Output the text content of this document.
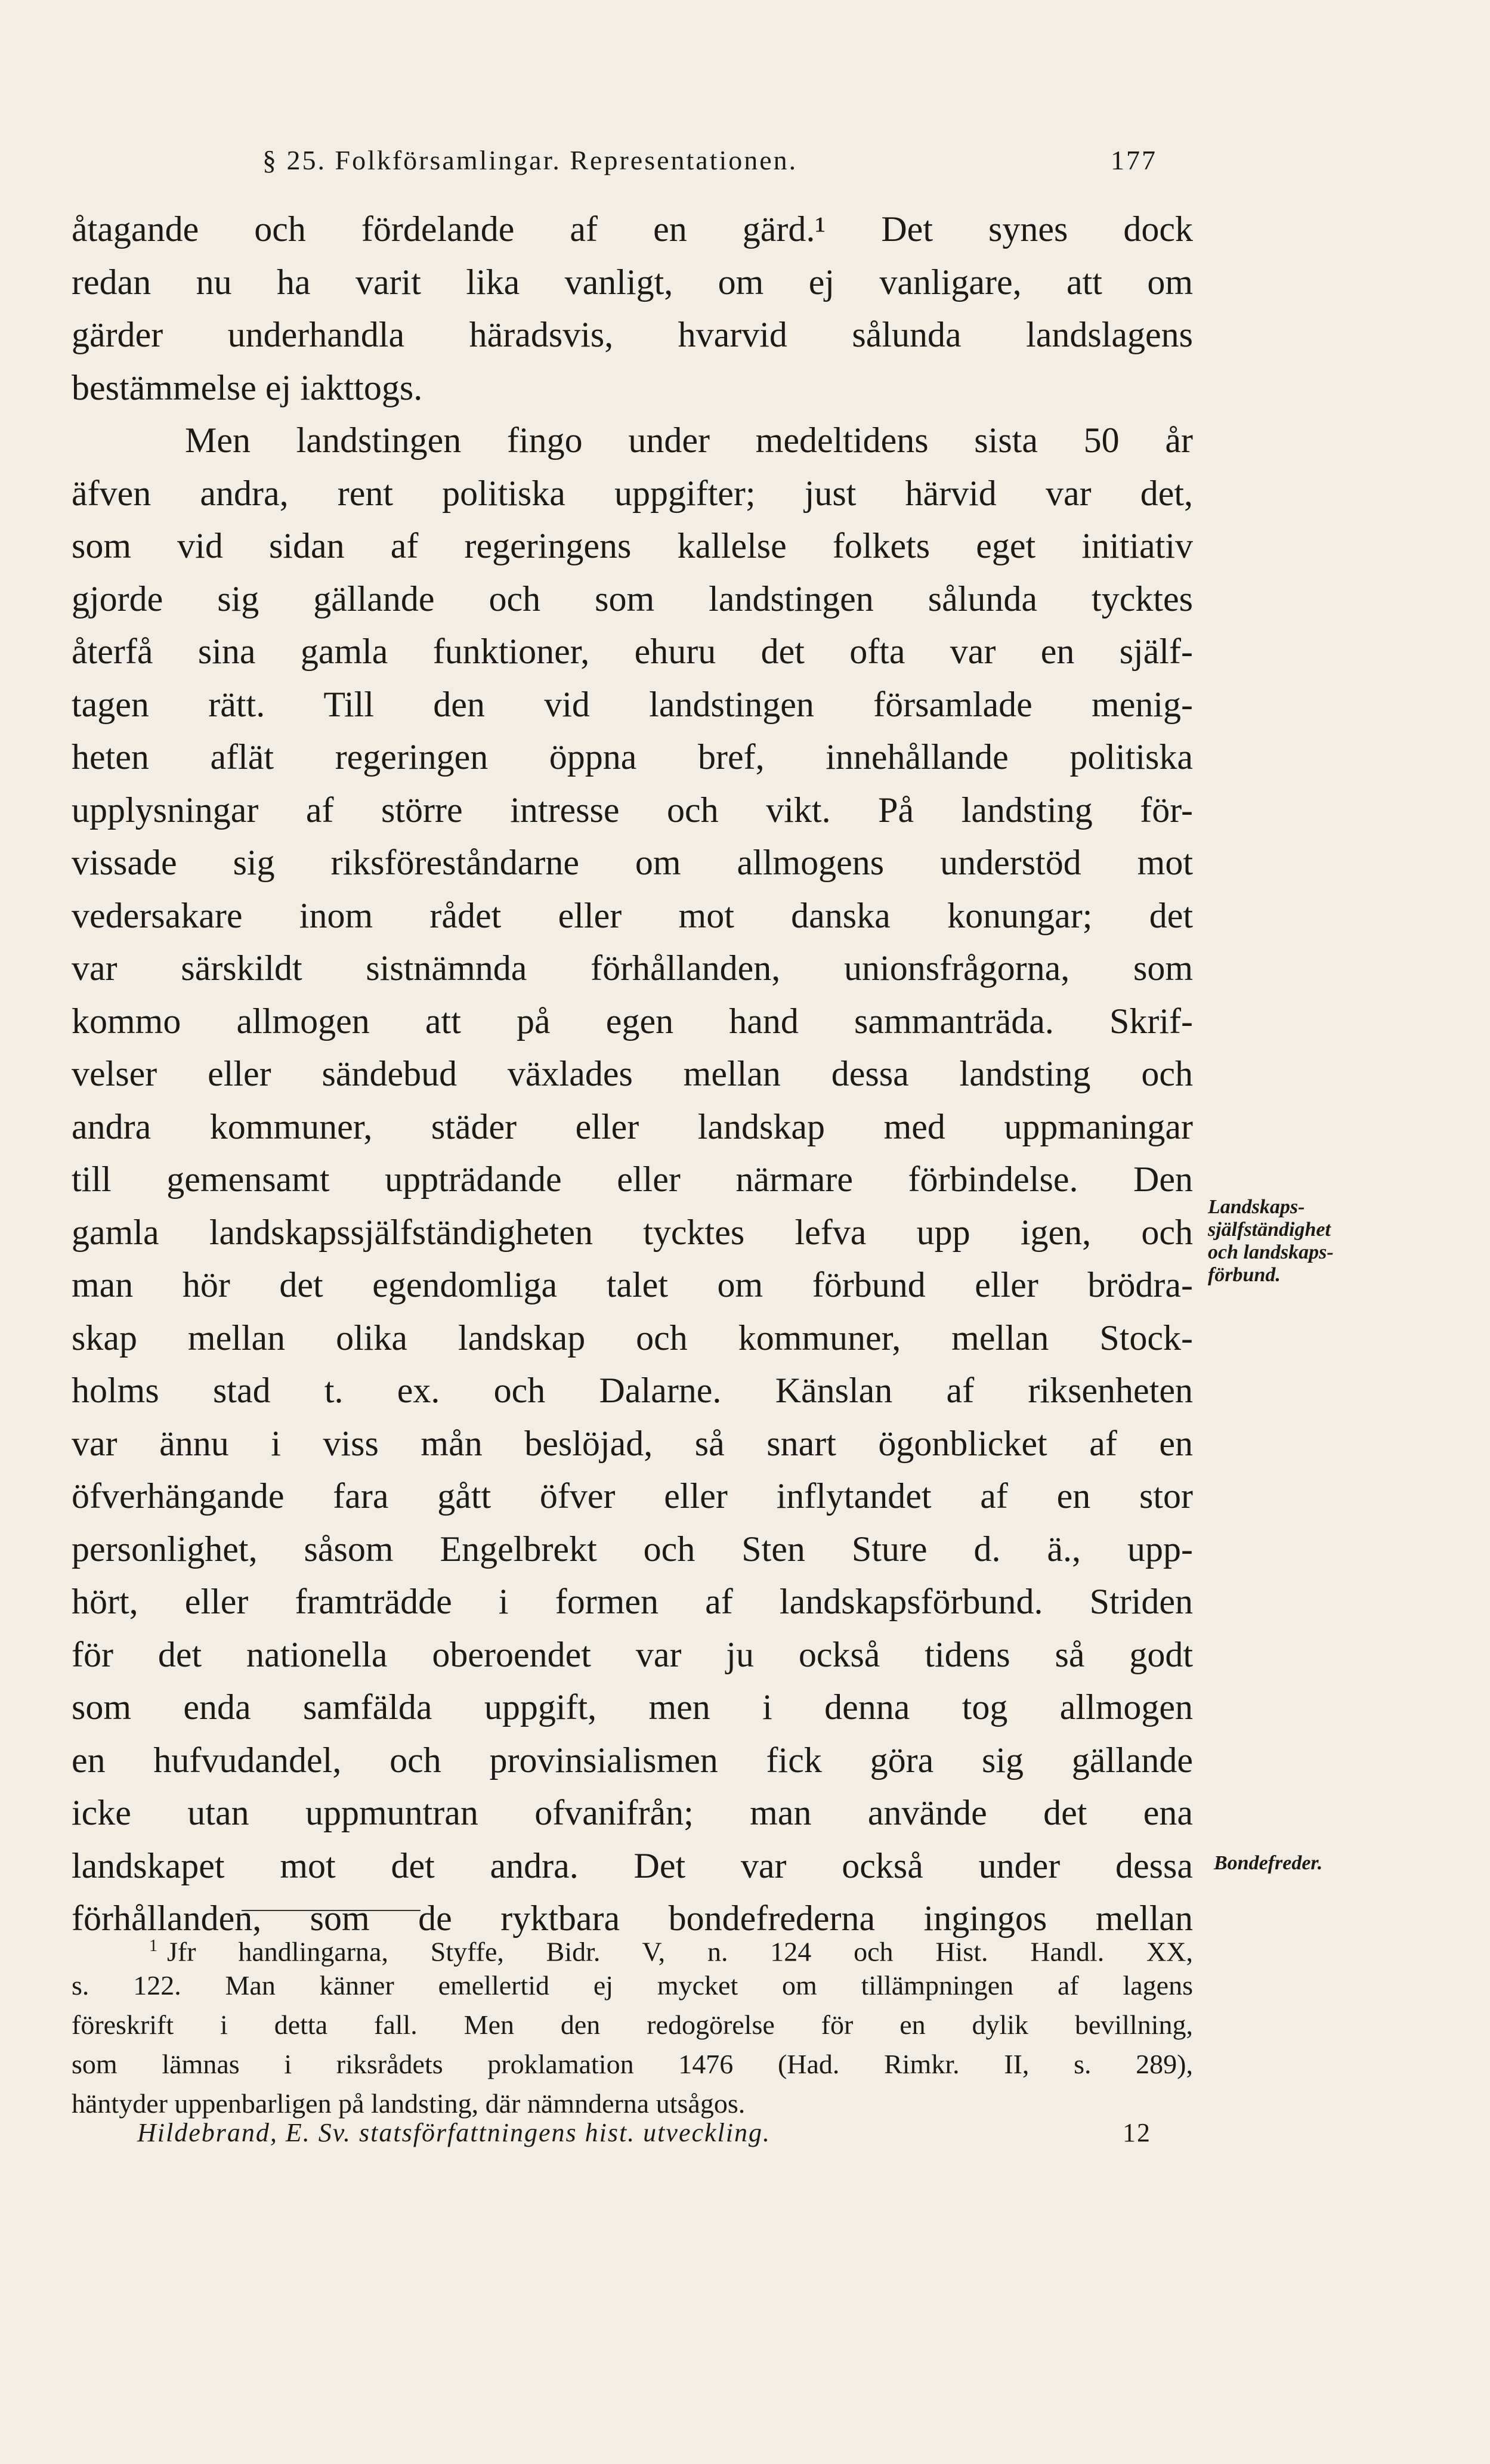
§ 25. Folkförsamlingar. Representationen.	177
åtagande och fördelande af en gärd.¹ Det synes dock
redan nu ha varit lika vanligt, om ej vanligare, att om
gärder underhandla häradsvis, hvarvid sålunda landslagens
bestämmelse ej iakttogs.
Men landstingen fingo under medeltidens sista 50 år
äfven andra, rent politiska uppgifter; just härvid var det,
som vid sidan af regeringens kallelse folkets eget initiativ
gjorde sig gällande och som landstingen sålunda tycktes
återfå sina gamla funktioner, ehuru det ofta var en själf-
tagen rätt. Till den vid landstingen församlade menig-
heten aflät regeringen öppna bref, innehållande politiska
upplysningar af större intresse och vikt. På landsting för-
vissade sig riksföreståndarne om allmogens understöd mot
vedersakare inom rådet eller mot danska konungar; det
var särskildt sistnämnda förhållanden, unionsfrågorna, som
kommo allmogen att på egen hand sammanträda. Skrif-
velser eller sändebud växlades mellan dessa landsting och
andra kommuner, städer eller landskap med uppmaningar
till gemensamt uppträdande eller närmare förbindelse. Den
gamla landskapssjälfständigheten tycktes lefva upp igen, och
man hör det egendomliga talet om förbund eller brödra-
skap mellan olika landskap och kommuner, mellan Stock-
holms stad t. ex. och Dalarne. Känslan af riksenheten
var ännu i viss mån beslöjad, så snart ögonblicket af en
öfverhängande fara gått öfver eller inflytandet af en stor
personlighet, såsom Engelbrekt och Sten Sture d. ä., upp-
hört, eller framträdde i formen af landskapsförbund. Striden
för det nationella oberoendet var ju också tidens så godt
som enda samfälda uppgift, men i denna tog allmogen
en hufvudandel, och provinsialismen fick göra sig gällande
icke utan uppmuntran ofvanifrån; man använde det ena
landskapet mot det andra. Det var också under dessa
förhållanden, som de ryktbara bondefrederna ingingos mellan
Landskaps-
själfständighet
och landskaps-
förbund.
Bondefreder.
$^1$ Jfr handlingarna, Styffe, Bidr. V, n. 124 och Hist. Handl. XX,
s. 122. Man känner emellertid ej mycket om tillämpningen af lagens
föreskrift i detta fall. Men den redogörelse för en dylik bevillning,
som lämnas i riksrådets proklamation 1476 (Had. Rimkr. II, s. 289),
häntyder uppenbarligen på landsting, där nämnderna utsågos.
Hildebrand, E. Sv. statsförfattningens hist. utveckling.	12
